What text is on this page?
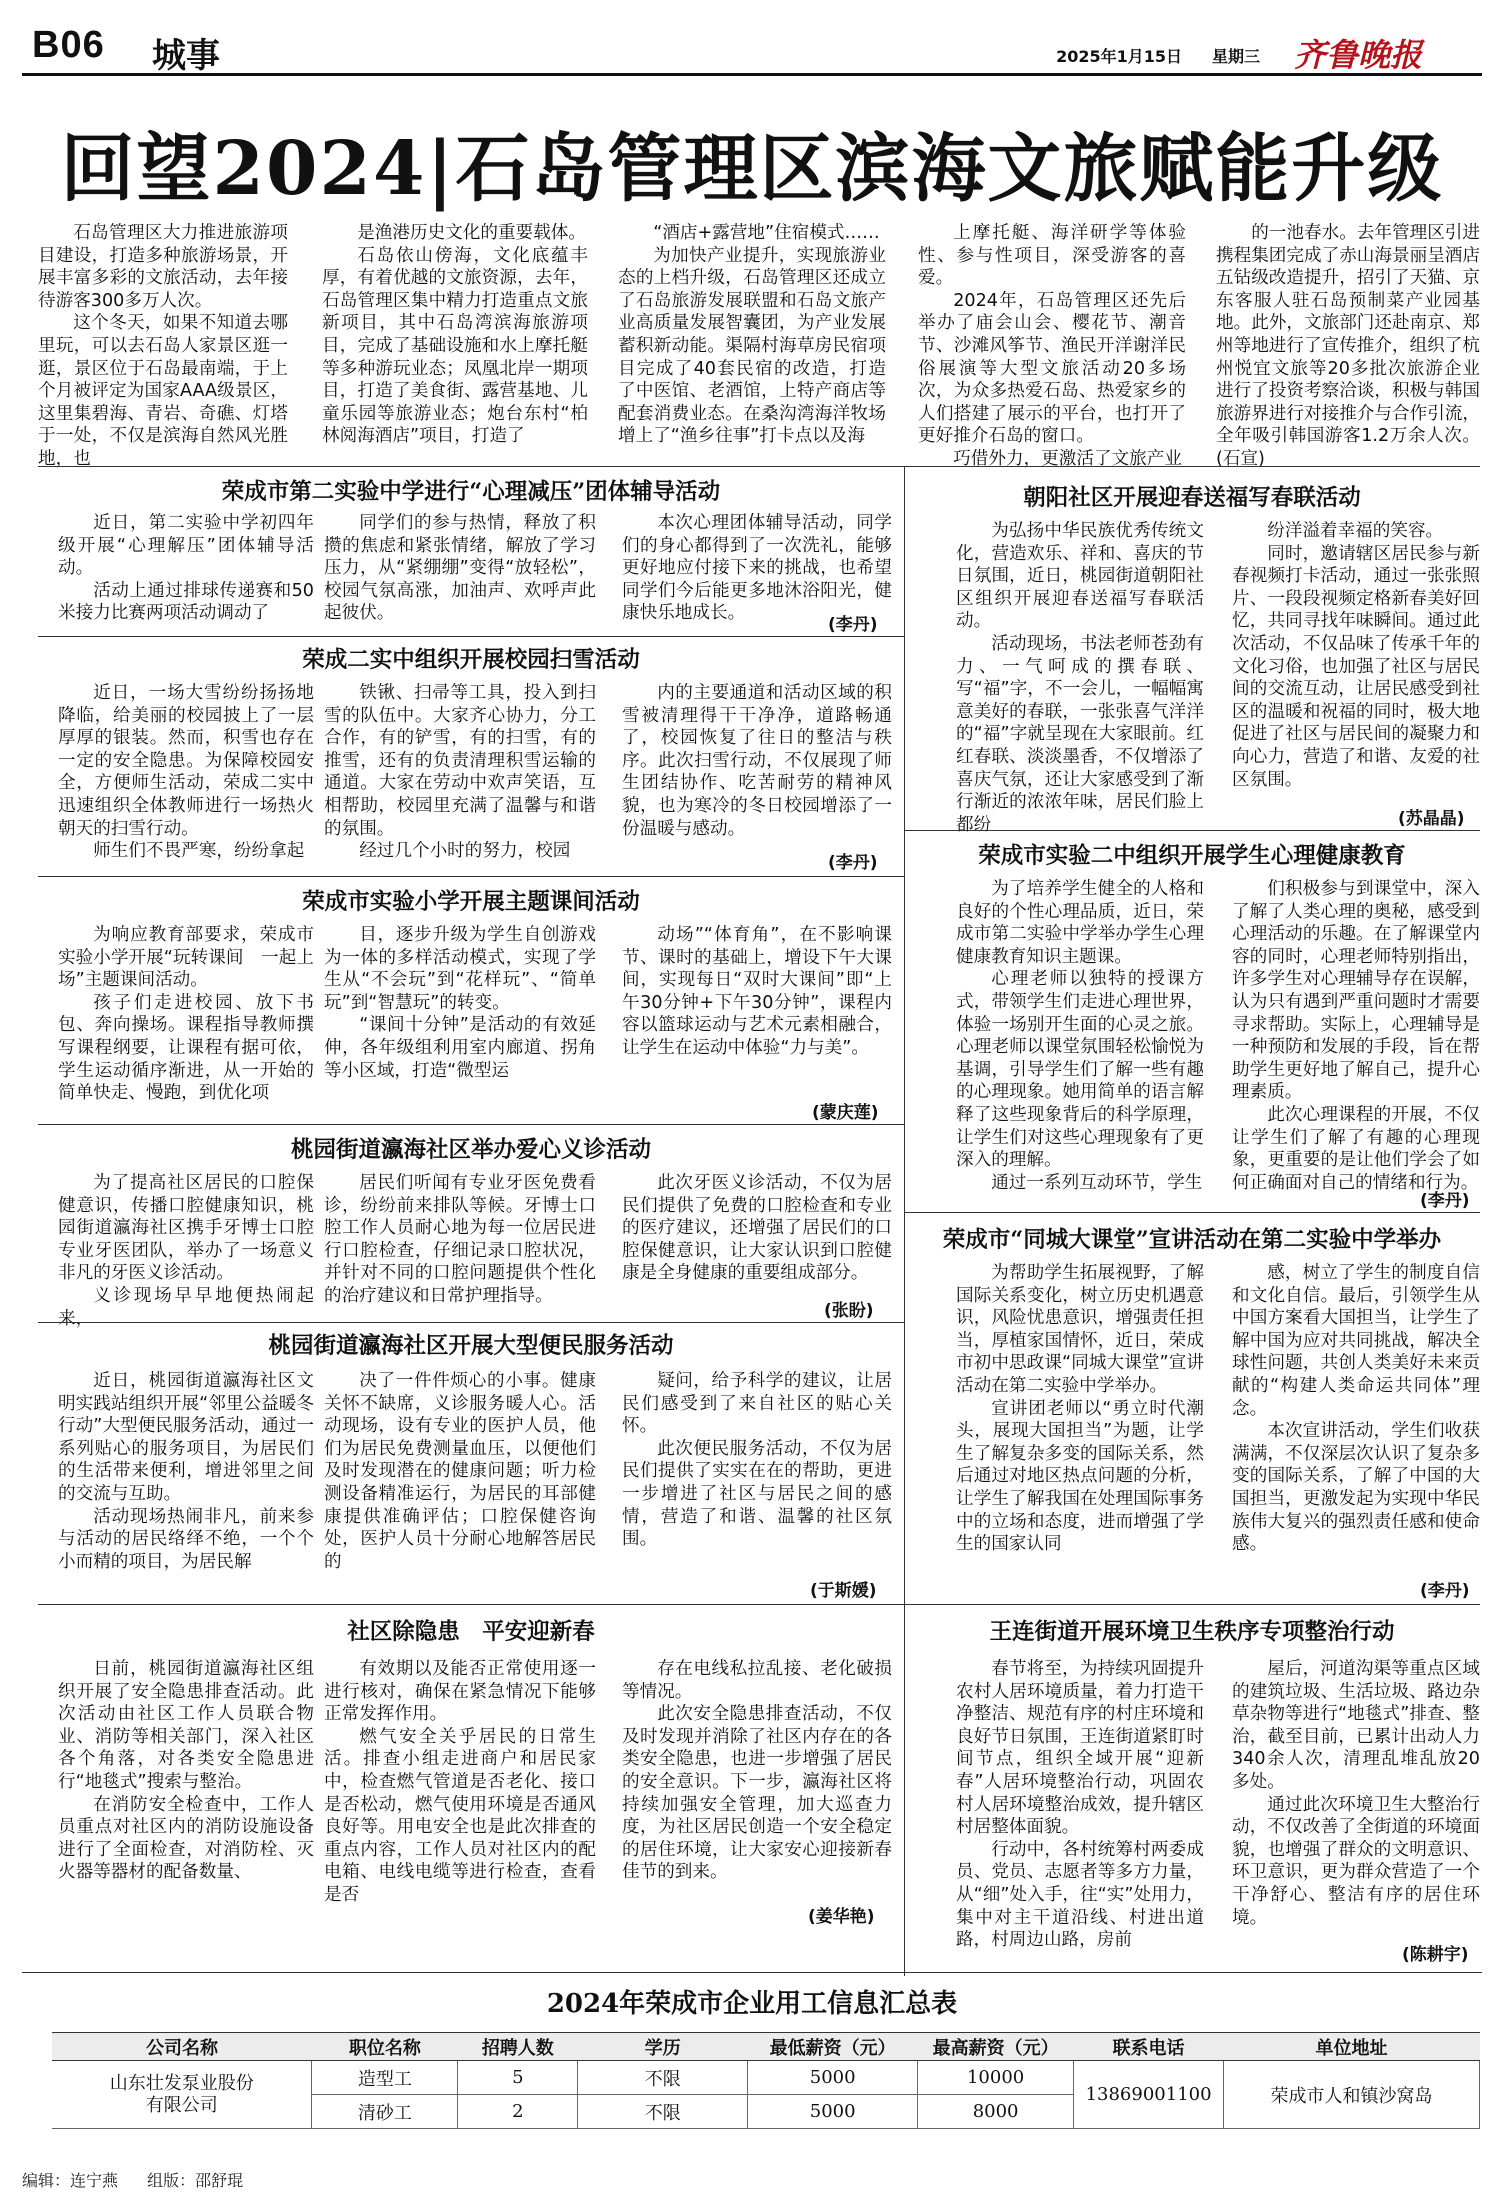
B06 城事	2025年1月15日 星期三 齐鲁晚报
回望2024|石岛管理区滨海文旅赋能升级

石岛管理区大力推进旅游项目建设，打造多种旅游场景，开展丰富多彩的文旅活动，去年接待游客300多万人次。

这个冬天，如果不知道去哪里玩，可以去石岛人家景区逛一逛，景区位于石岛最南端，于上个月被评定为国家AAA级景区，这里集碧海、青岩、奇礁、灯塔于一处，不仅是滨海自然风光胜地，也

是渔港历史文化的重要载体。

石岛依山傍海，文化底蕴丰厚，有着优越的文旅资源，去年，石岛管理区集中精力打造重点文旅新项目，其中石岛湾滨海旅游项目，完成了基础设施和水上摩托艇等多种游玩业态；凤凰北岸一期项目，打造了美食街、露营基地、儿童乐园等旅游业态；炮台东村“柏林阅海酒店”项目，打造了

“酒店+露营地”住宿模式……

为加快产业提升，实现旅游业态的上档升级，石岛管理区还成立了石岛旅游发展联盟和石岛文旅产业高质量发展智囊团，为产业发展蓄积新动能。渠隔村海草房民宿项目完成了40套民宿的改造，打造了中医馆、老酒馆，上特产商店等配套消费业态。在桑沟湾海洋牧场增上了“渔乡往事”打卡点以及海

上摩托艇、海洋研学等体验性、参与性项目，深受游客的喜爱。

2024年，石岛管理区还先后举办了庙会山会、樱花节、潮音节、沙滩风筝节、渔民开洋谢洋民俗展演等大型文旅活动20多场次，为众多热爱石岛、热爱家乡的人们搭建了展示的平台，也打开了更好推介石岛的窗口。

巧借外力，更激活了文旅产业

的一池春水。去年管理区引进携程集团完成了赤山海景丽呈酒店五钻级改造提升，招引了天猫、京东客服人驻石岛预制菜产业园基地。此外，文旅部门还赴南京、郑州等地进行了宣传推介，组织了杭州悦宜文旅等20多批次旅游企业进行了投资考察洽谈，积极与韩国旅游界进行对接推介与合作引流，全年吸引韩国游客1.2万余人次。(石宣)

荣成市第二实验中学进行“心理减压”团体辅导活动

近日，第二实验中学初四年级开展“心理解压”团体辅导活动。

活动上通过排球传递赛和50米接力比赛两项活动调动了

同学们的参与热情，释放了积攒的焦虑和紧张情绪，解放了学习压力，从“紧绷绷”变得“放轻松”，校园气氛高涨，加油声、欢呼声此起彼伏。

本次心理团体辅导活动，同学们的身心都得到了一次洗礼，能够更好地应付接下来的挑战，也希望同学们今后能更多地沐浴阳光，健康快乐地成长。

(李丹)
荣成二实中组织开展校园扫雪活动

近日，一场大雪纷纷扬扬地降临，给美丽的校园披上了一层厚厚的银装。然而，积雪也存在一定的安全隐患。为保障校园安全，方便师生活动，荣成二实中迅速组织全体教师进行一场热火朝天的扫雪行动。

师生们不畏严寒，纷纷拿起

铁锹、扫帚等工具，投入到扫雪的队伍中。大家齐心协力，分工合作，有的铲雪，有的扫雪，有的推雪，还有的负责清理积雪运输的通道。大家在劳动中欢声笑语，互相帮助，校园里充满了温馨与和谐的氛围。

经过几个小时的努力，校园

内的主要通道和活动区域的积雪被清理得干干净净，道路畅通了，校园恢复了往日的整洁与秩序。此次扫雪行动，不仅展现了师生团结协作、吃苦耐劳的精神风貌，也为寒冷的冬日校园增添了一份温暖与感动。

(李丹)
荣成市实验小学开展主题课间活动

为响应教育部要求，荣成市实验小学开展“玩转课间　一起上场”主题课间活动。

孩子们走进校园、放下书包、奔向操场。课程指导教师撰写课程纲要，让课程有据可依，学生运动循序渐进，从一开始的简单快走、慢跑，到优化项

目，逐步升级为学生自创游戏为一体的多样活动模式，实现了学生从“不会玩”到“花样玩”、“简单玩”到“智慧玩”的转变。

“课间十分钟”是活动的有效延伸，各年级组利用室内廊道、拐角等小区域，打造“微型运

动场”“体育角”，在不影响课节、课时的基础上，增设下午大课间，实现每日“双时大课间”即“上午30分钟+下午30分钟”，课程内容以篮球运动与艺术元素相融合，让学生在运动中体验“力与美”。

(蒙庆莲)
桃园街道瀛海社区举办爱心义诊活动

为了提高社区居民的口腔保健意识，传播口腔健康知识，桃园街道瀛海社区携手牙博士口腔专业牙医团队，举办了一场意义非凡的牙医义诊活动。

义诊现场早早地便热闹起来，

居民们听闻有专业牙医免费看诊，纷纷前来排队等候。牙博士口腔工作人员耐心地为每一位居民进行口腔检查，仔细记录口腔状况，并针对不同的口腔问题提供个性化的治疗建议和日常护理指导。

此次牙医义诊活动，不仅为居民们提供了免费的口腔检查和专业的医疗建议，还增强了居民们的口腔保健意识，让大家认识到口腔健康是全身健康的重要组成部分。

(张盼)
桃园街道瀛海社区开展大型便民服务活动

近日，桃园街道瀛海社区文明实践站组织开展“邻里公益暖冬行动”大型便民服务活动，通过一系列贴心的服务项目，为居民们的生活带来便利，增进邻里之间的交流与互助。

活动现场热闹非凡，前来参与活动的居民络绎不绝，一个个小而精的项目，为居民解

决了一件件烦心的小事。健康关怀不缺席，义诊服务暖人心。活动现场，设有专业的医护人员，他们为居民免费测量血压，以便他们及时发现潜在的健康问题；听力检测设备精准运行，为居民的耳部健康提供准确评估；口腔保健咨询处，医护人员十分耐心地解答居民的

疑问，给予科学的建议，让居民们感受到了来自社区的贴心关怀。

此次便民服务活动，不仅为居民们提供了实实在在的帮助，更进一步增进了社区与居民之间的感情，营造了和谐、温馨的社区氛围。

(于斯媛)
社区除隐患　平安迎新春

日前，桃园街道瀛海社区组织开展了安全隐患排查活动。此次活动由社区工作人员联合物业、消防等相关部门，深入社区各个角落，对各类安全隐患进行“地毯式”搜索与整治。

在消防安全检查中，工作人员重点对社区内的消防设施设备进行了全面检查，对消防栓、灭火器等器材的配备数量、

有效期以及能否正常使用逐一进行核对，确保在紧急情况下能够正常发挥作用。

燃气安全关乎居民的日常生活。排查小组走进商户和居民家中，检查燃气管道是否老化、接口是否松动，燃气使用环境是否通风良好等。用电安全也是此次排查的重点内容，工作人员对社区内的配电箱、电线电缆等进行检查，查看是否

存在电线私拉乱接、老化破损等情况。

此次安全隐患排查活动，不仅及时发现并消除了社区内存在的各类安全隐患，也进一步增强了居民的安全意识。下一步，瀛海社区将持续加强安全管理，加大巡查力度，为社区居民创造一个安全稳定的居住环境，让大家安心迎接新春佳节的到来。

(姜华艳)
朝阳社区开展迎春送福写春联活动

为弘扬中华民族优秀传统文化，营造欢乐、祥和、喜庆的节日氛围，近日，桃园街道朝阳社区组织开展迎春送福写春联活动。

活动现场，书法老师苍劲有力、一气呵成的撰春联、写“福”字，不一会儿，一幅幅寓意美好的春联，一张张喜气洋洋的“福”字就呈现在大家眼前。红红春联、淡淡墨香，不仅增添了喜庆气氛，还让大家感受到了渐行渐近的浓浓年味，居民们脸上都纷

纷洋溢着幸福的笑容。

同时，邀请辖区居民参与新春视频打卡活动，通过一张张照片、一段段视频定格新春美好回忆，共同寻找年味瞬间。通过此次活动，不仅品味了传承千年的文化习俗，也加强了社区与居民间的交流互动，让居民感受到社区的温暖和祝福的同时，极大地促进了社区与居民间的凝聚力和向心力，营造了和谐、友爱的社区氛围。

(苏晶晶)
荣成市实验二中组织开展学生心理健康教育

为了培养学生健全的人格和良好的个性心理品质，近日，荣成市第二实验中学举办学生心理健康教育知识主题课。

心理老师以独特的授课方式，带领学生们走进心理世界，体验一场别开生面的心灵之旅。心理老师以课堂氛围轻松愉悦为基调，引导学生们了解一些有趣的心理现象。她用简单的语言解释了这些现象背后的科学原理，让学生们对这些心理现象有了更深入的理解。

通过一系列互动环节，学生

们积极参与到课堂中，深入了解了人类心理的奥秘，感受到心理活动的乐趣。在了解课堂内容的同时，心理老师特别指出，许多学生对心理辅导存在误解，认为只有遇到严重问题时才需要寻求帮助。实际上，心理辅导是一种预防和发展的手段，旨在帮助学生更好地了解自己，提升心理素质。

此次心理课程的开展，不仅让学生们了解了有趣的心理现象，更重要的是让他们学会了如何正确面对自己的情绪和行为。

(李丹)
荣成市“同城大课堂”宣讲活动在第二实验中学举办

为帮助学生拓展视野，了解国际关系变化，树立历史机遇意识，风险忧患意识，增强责任担当，厚植家国情怀，近日，荣成市初中思政课“同城大课堂”宣讲活动在第二实验中学举办。

宣讲团老师以“勇立时代潮头，展现大国担当”为题，让学生了解复杂多变的国际关系，然后通过对地区热点问题的分析，让学生了解我国在处理国际事务中的立场和态度，进而增强了学生的国家认同

感，树立了学生的制度自信和文化自信。最后，引领学生从中国方案看大国担当，让学生了解中国为应对共同挑战，解决全球性问题，共创人类美好未来贡献的“构建人类命运共同体”理念。

本次宣讲活动，学生们收获满满，不仅深层次认识了复杂多变的国际关系，了解了中国的大国担当，更激发起为实现中华民族伟大复兴的强烈责任感和使命感。

(李丹)
王连街道开展环境卫生秩序专项整治行动

春节将至，为持续巩固提升农村人居环境质量，着力打造干净整洁、规范有序的村庄环境和良好节日氛围，王连街道紧盯时间节点，组织全域开展“迎新春”人居环境整治行动，巩固农村人居环境整治成效，提升辖区村居整体面貌。

行动中，各村统筹村两委成员、党员、志愿者等多方力量，从“细”处入手，往“实”处用力，集中对主干道沿线、村进出道路，村周边山路，房前

屋后，河道沟渠等重点区域的建筑垃圾、生活垃圾、路边杂草杂物等进行“地毯式”排查、整治，截至目前，已累计出动人力340余人次，清理乱堆乱放20多处。

通过此次环境卫生大整治行动，不仅改善了全街道的环境面貌，也增强了群众的文明意识、环卫意识，更为群众营造了一个干净舒心、整洁有序的居住环境。

(陈耕宇)
2024年荣成市企业用工信息汇总表
公司名称	职位名称	招聘人数	学历	最低薪资（元）	最高薪资（元）	联系电话	单位地址
山东壮发泵业股份有限公司	造型工	5	不限	5000	10000	13869001100	荣成市人和镇沙窝岛
	清砂工	2	不限	5000	8000		
编辑：连宁燕 组版：邵舒琨
